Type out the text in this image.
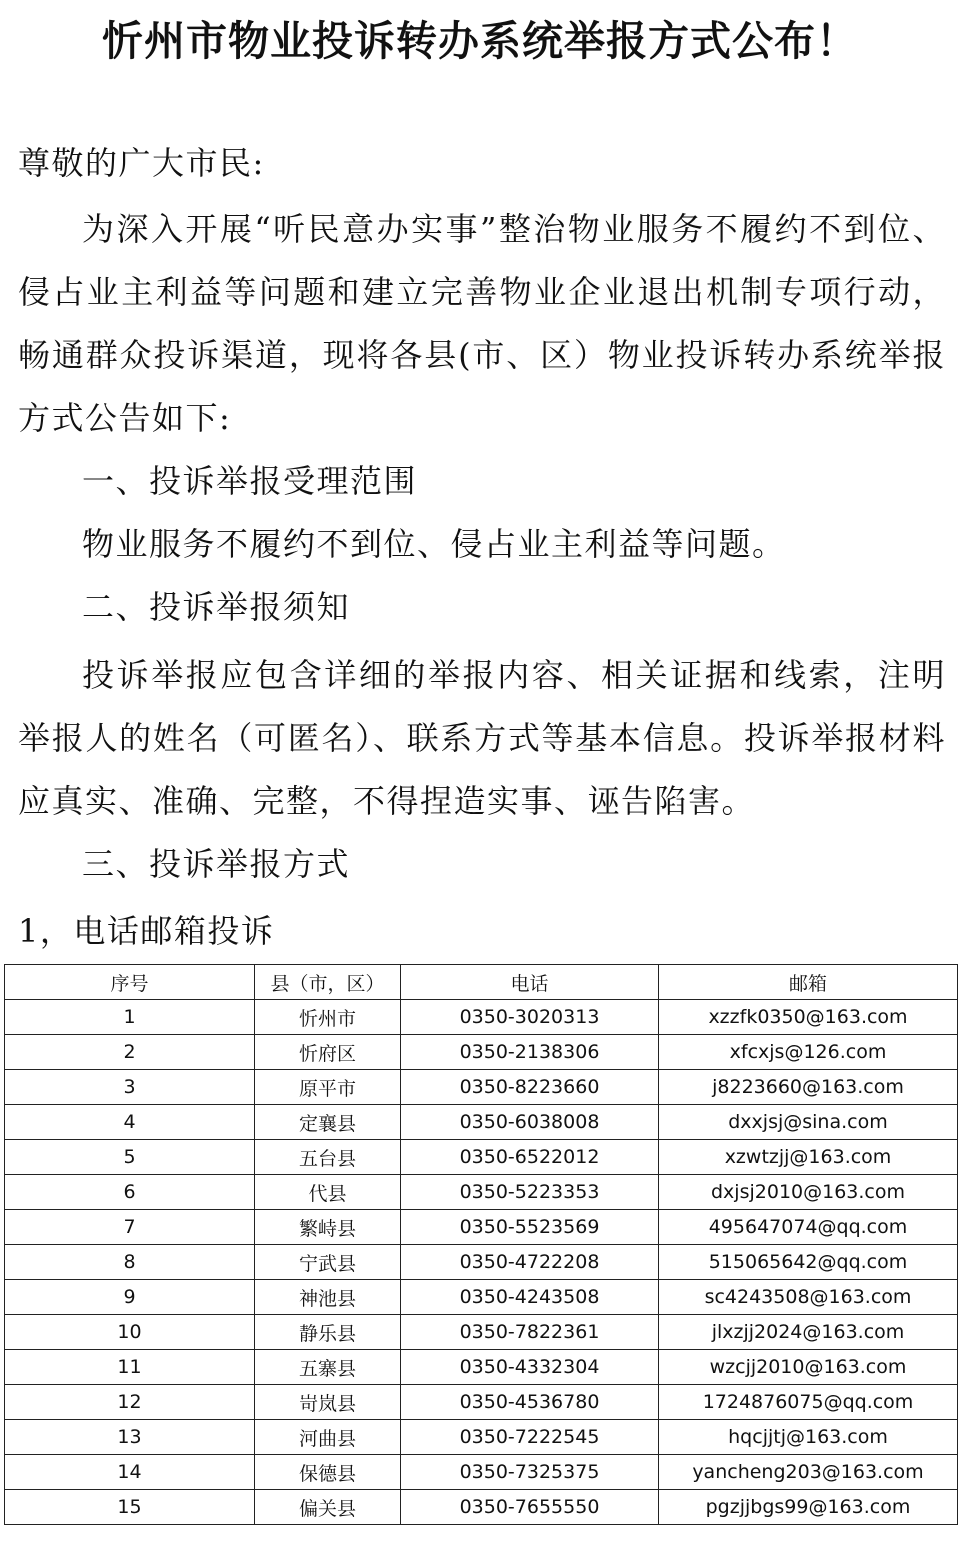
忻州市物业投诉转办系统举报方式公布！
尊敬的广大市民:

为深入开展“听民意办实事”整治物业服务不履约不到位、侵占业主利益等问题和建立完善物业企业退出机制专项行动，畅通群众投诉渠道，现将各县(市、区）物业投诉转办系统举报方式公告如下:

一、投诉举报受理范围

物业服务不履约不到位、侵占业主利益等问题。

二、投诉举报须知

投诉举报应包含详细的举报内容、相关证据和线索，注明举报人的姓名（可匿名）、联系方式等基本信息。投诉举报材料应真实、准确、完整，不得捏造实事、诬告陷害。

三、投诉举报方式

1，电话邮箱投诉
序号	县（市，区）	电话	邮箱
1	忻州市	0350-3020313	xzzfk0350@163.com
2	忻府区	0350-2138306	xfcxjs@126.com
3	原平市	0350-8223660	j8223660@163.com
4	定襄县	0350-6038008	dxxjsj@sina.com
5	五台县	0350-6522012	xzwtzjj@163.com
6	代县	0350-5223353	dxjsj2010@163.com
7	繁峙县	0350-5523569	495647074@qq.com
8	宁武县	0350-4722208	515065642@qq.com
9	神池县	0350-4243508	sc4243508@163.com
10	静乐县	0350-7822361	jlxzjj2024@163.com
11	五寨县	0350-4332304	wzcjj2010@163.com
12	岢岚县	0350-4536780	1724876075@qq.com
13	河曲县	0350-7222545	hqcjjtj@163.com
14	保德县	0350-7325375	yancheng203@163.com
15	偏关县	0350-7655550	pgzjjbgs99@163.com
